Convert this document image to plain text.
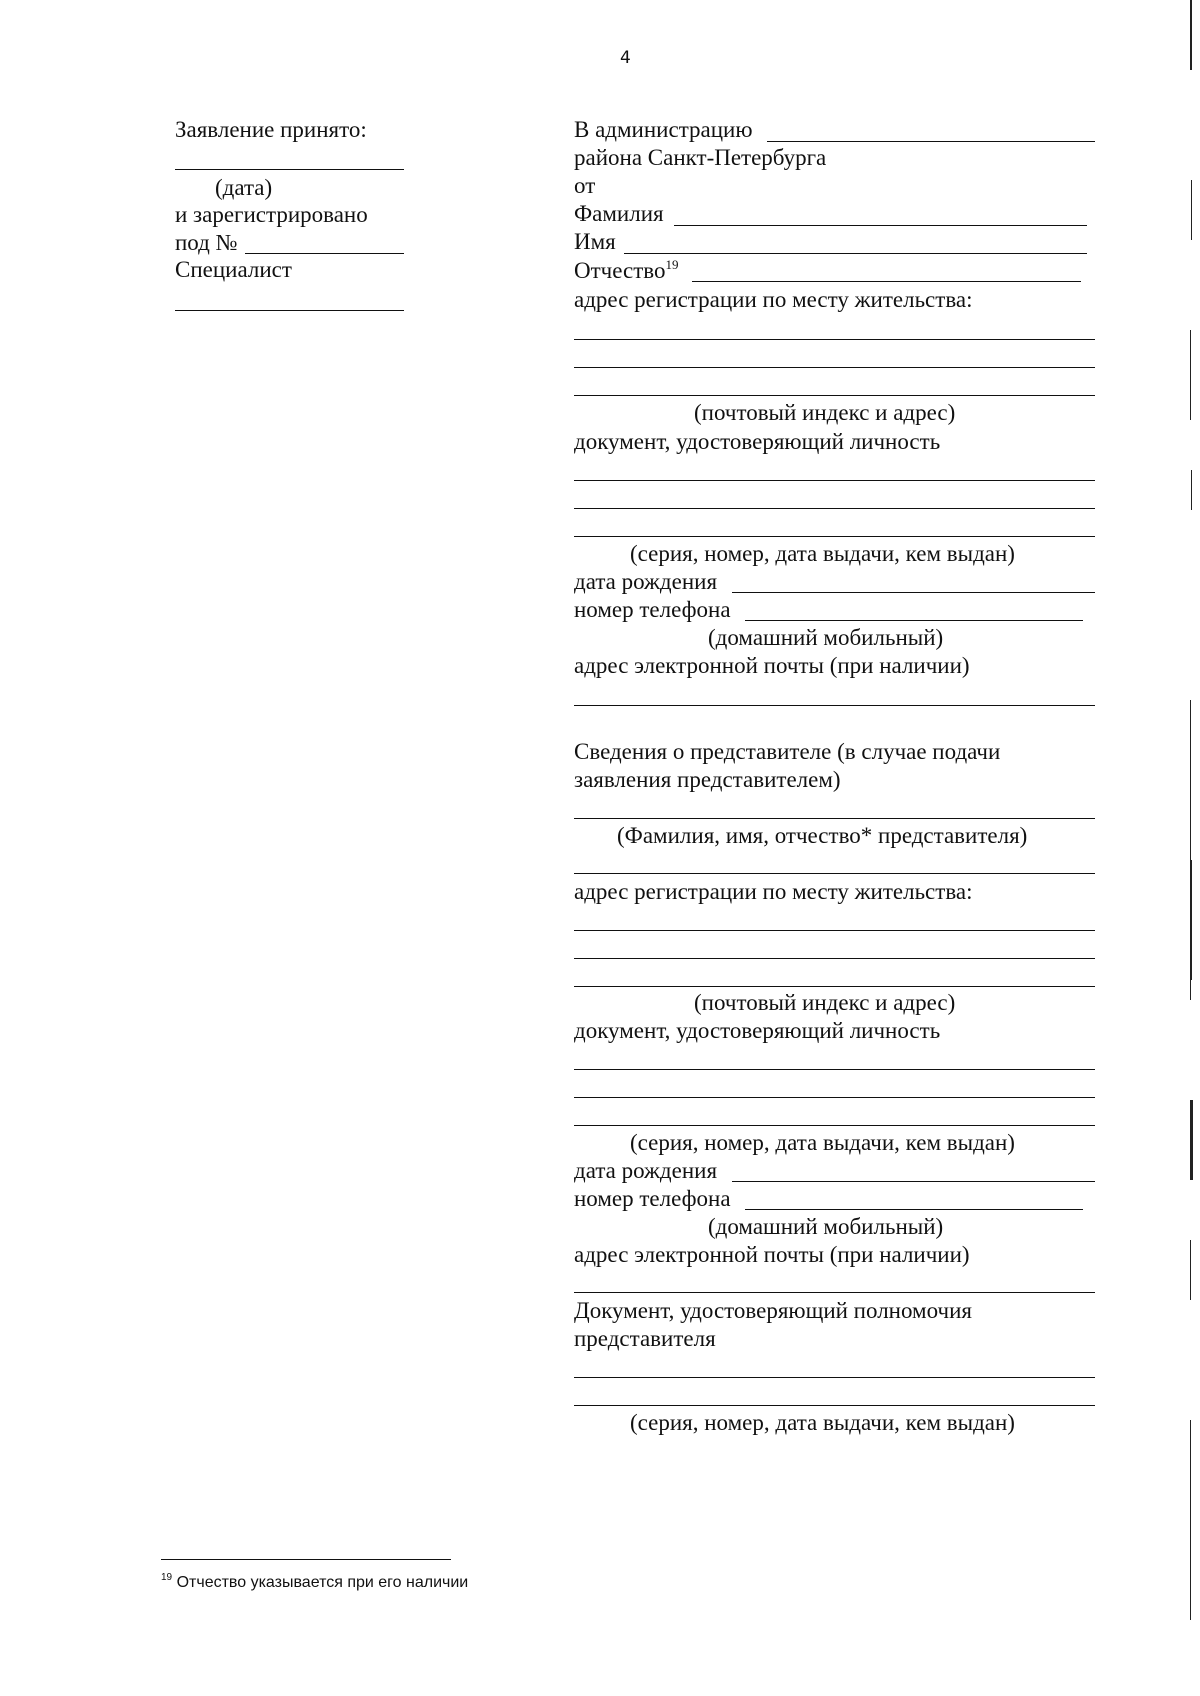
4
Заявление принято:
(дата)
и зарегистрировано
под №
Специалист
В администрацию
района Санкт-Петербурга
от
Фамилия
Имя
Отчество$^{19}$
адрес регистрации по месту жительства:
(почтовый индекс и адрес)
документ, удостоверяющий личность
(серия, номер, дата выдачи, кем выдан)
дата рождения
номер телефона
(домашний мобильный)
адрес электронной почты (при наличии)
Сведения о представителе (в случае подачи
заявления представителем)
(Фамилия, имя, отчество* представителя)
адрес регистрации по месту жительства:
(почтовый индекс и адрес)
документ, удостоверяющий личность
(серия, номер, дата выдачи, кем выдан)
дата рождения
номер телефона
(домашний мобильный)
адрес электронной почты (при наличии)
Документ, удостоверяющий полномочия
представителя
(серия, номер, дата выдачи, кем выдан)
$^{19}$ Отчество указывается при его наличии
